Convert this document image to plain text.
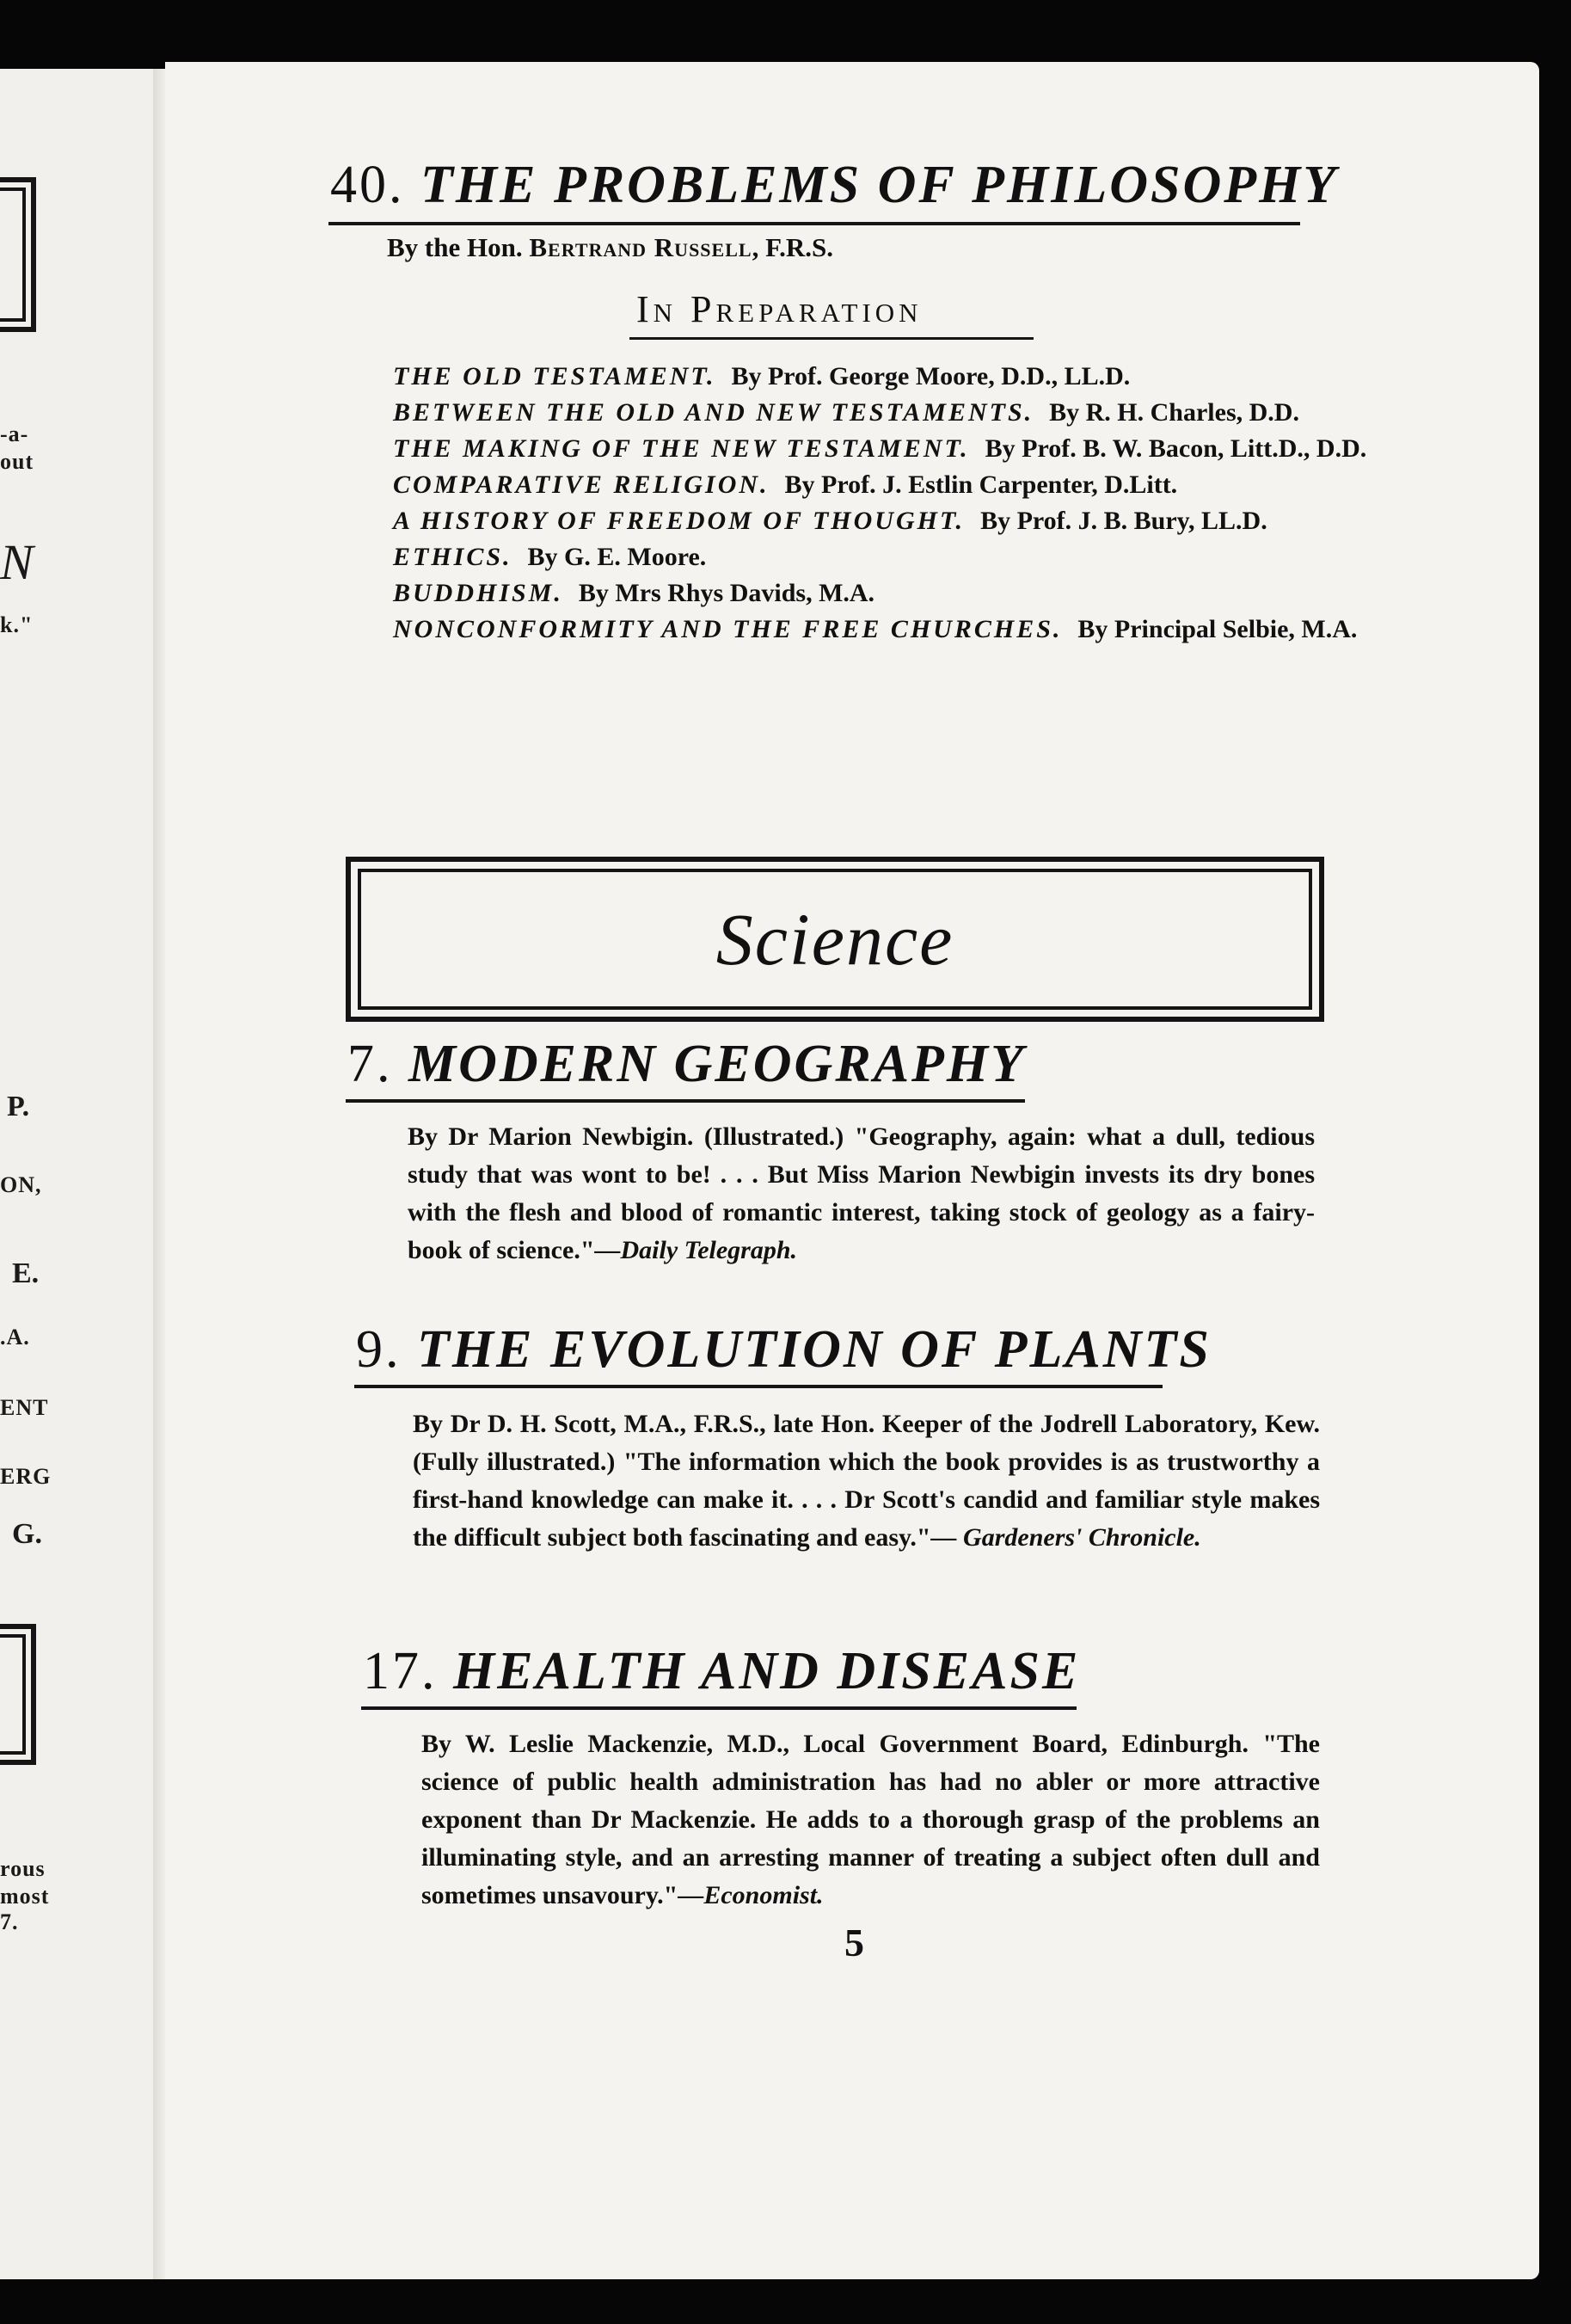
-a-
out
N
k."
P.
ON,
E.
.A.
ENT
ERG
G.
rous
most
7.
40. THE PROBLEMS OF PHILOSOPHY
By the Hon. Bertrand Russell, F.R.S.
In Preparation
THE OLD TESTAMENT. By Prof. George Moore, D.D., LL.D.
BETWEEN THE OLD AND NEW TESTAMENTS. By R. H. Charles, D.D.
THE MAKING OF THE NEW TESTAMENT. By Prof. B. W. Bacon, Litt.D., D.D.
COMPARATIVE RELIGION. By Prof. J. Estlin Carpenter, D.Litt.
A HISTORY OF FREEDOM OF THOUGHT. By Prof. J. B. Bury, LL.D.
ETHICS. By G. E. Moore.
BUDDHISM. By Mrs Rhys Davids, M.A.
NONCONFORMITY AND THE FREE CHURCHES. By Principal Selbie, M.A.
Science
7. MODERN GEOGRAPHY
By Dr Marion Newbigin. (Illustrated.) "Geography, again: what a dull, tedious study that was wont to be! . . . But Miss Marion Newbigin invests its dry bones with the flesh and blood of romantic interest, taking stock of geology as a fairy-book of science."—Daily Telegraph.
9. THE EVOLUTION OF PLANTS
By Dr D. H. Scott, M.A., F.R.S., late Hon. Keeper of the Jodrell Laboratory, Kew. (Fully illustrated.) "The information which the book provides is as trustworthy a first-hand knowledge can make it. . . . Dr Scott's candid and familiar style makes the difficult subject both fascinating and easy."— Gardeners' Chronicle.
17. HEALTH AND DISEASE
By W. Leslie Mackenzie, M.D., Local Government Board, Edinburgh. "The science of public health administration has had no abler or more attractive exponent than Dr Mackenzie. He adds to a thorough grasp of the problems an illuminating style, and an arresting manner of treating a subject often dull and sometimes unsavoury."—Economist.
5
